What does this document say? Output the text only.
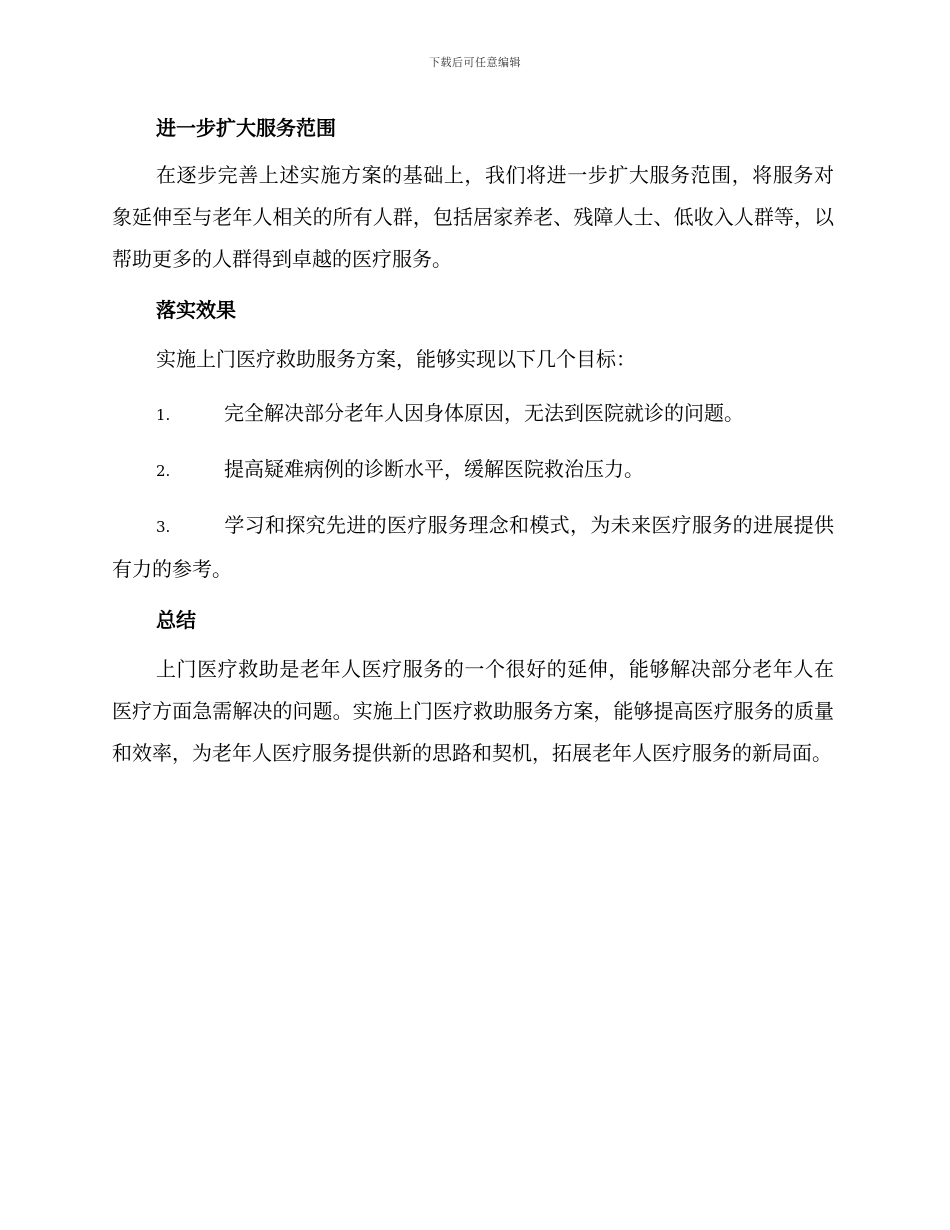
下载后可任意编辑
进一步扩大服务范围

在逐步完善上述实施方案的基础上，我们将进一步扩大服务范围，将服务对象延伸至与老年人相关的所有人群，包括居家养老、残障人士、低收入人群等，以帮助更多的人群得到卓越的医疗服务。

落实效果

实施上门医疗救助服务方案，能够实现以下几个目标：

1.	完全解决部分老年人因身体原因，无法到医院就诊的问题。

2.	提高疑难病例的诊断水平，缓解医院救治压力。

3.	学习和探究先进的医疗服务理念和模式，为未来医疗服务的进展提供有力的参考。

总结

上门医疗救助是老年人医疗服务的一个很好的延伸，能够解决部分老年人在医疗方面急需解决的问题。实施上门医疗救助服务方案，能够提高医疗服务的质量和效率，为老年人医疗服务提供新的思路和契机，拓展老年人医疗服务的新局面。
